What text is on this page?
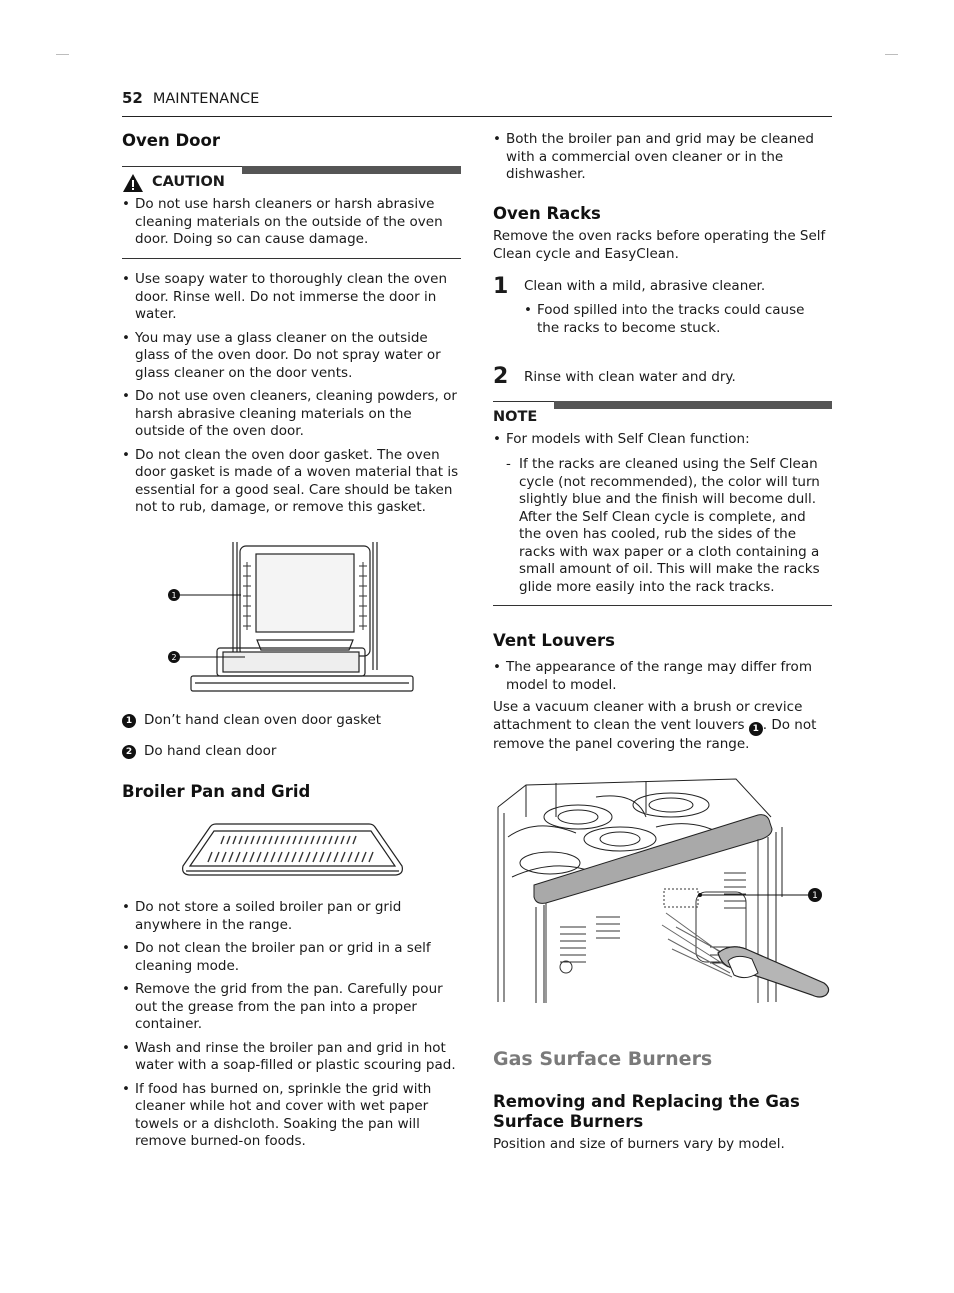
52 MAINTENANCE
Oven Door
CAUTION
• Do not use harsh cleaners or harsh abrasive cleaning materials on the outside of the oven door. Doing so can cause damage.
• Use soapy water to thoroughly clean the oven door. Rinse well. Do not immerse the door in water.
• You may use a glass cleaner on the outside glass of the oven door. Do not spray water or glass cleaner on the door vents.
• Do not use oven cleaners, cleaning powders, or harsh abrasive cleaning materials on the outside of the oven door.
• Do not clean the oven door gasket. The oven door gasket is made of a woven material that is essential for a good seal. Care should be taken not to rub, damage, or remove this gasket.
1
2
1 Don’t hand clean oven door gasket
2 Do hand clean door
Broiler Pan and Grid
• Do not store a soiled broiler pan or grid anywhere in the range.
• Do not clean the broiler pan or grid in a self cleaning mode.
• Remove the grid from the pan. Carefully pour out the grease from the pan into a proper container.
• Wash and rinse the broiler pan and grid in hot water with a soap-filled or plastic scouring pad.
• If food has burned on, sprinkle the grid with cleaner while hot and cover with wet paper towels or a dishcloth. Soaking the pan will remove burned-on foods.
• Both the broiler pan and grid may be cleaned with a commercial oven cleaner or in the dishwasher.
Oven Racks
Remove the oven racks before operating the Self Clean cycle and EasyClean.
1	Clean with a mild, abrasive cleaner.
• Food spilled into the tracks could cause the racks to become stuck.
2	Rinse with clean water and dry.
NOTE
• For models with Self Clean function:
- If the racks are cleaned using the Self Clean cycle (not recommended), the color will turn slightly blue and the finish will become dull. After the Self Clean cycle is complete, and the oven has cooled, rub the sides of the racks with wax paper or a cloth containing a small amount of oil. This will make the racks glide more easily into the rack tracks.
Vent Louvers
• The appearance of the range may differ from model to model.
Use a vacuum cleaner with a brush or crevice attachment to clean the vent louvers 1 . Do not remove the panel covering the range.
1
Gas Surface Burners
Removing and Replacing the Gas Surface Burners
Position and size of burners vary by model.
